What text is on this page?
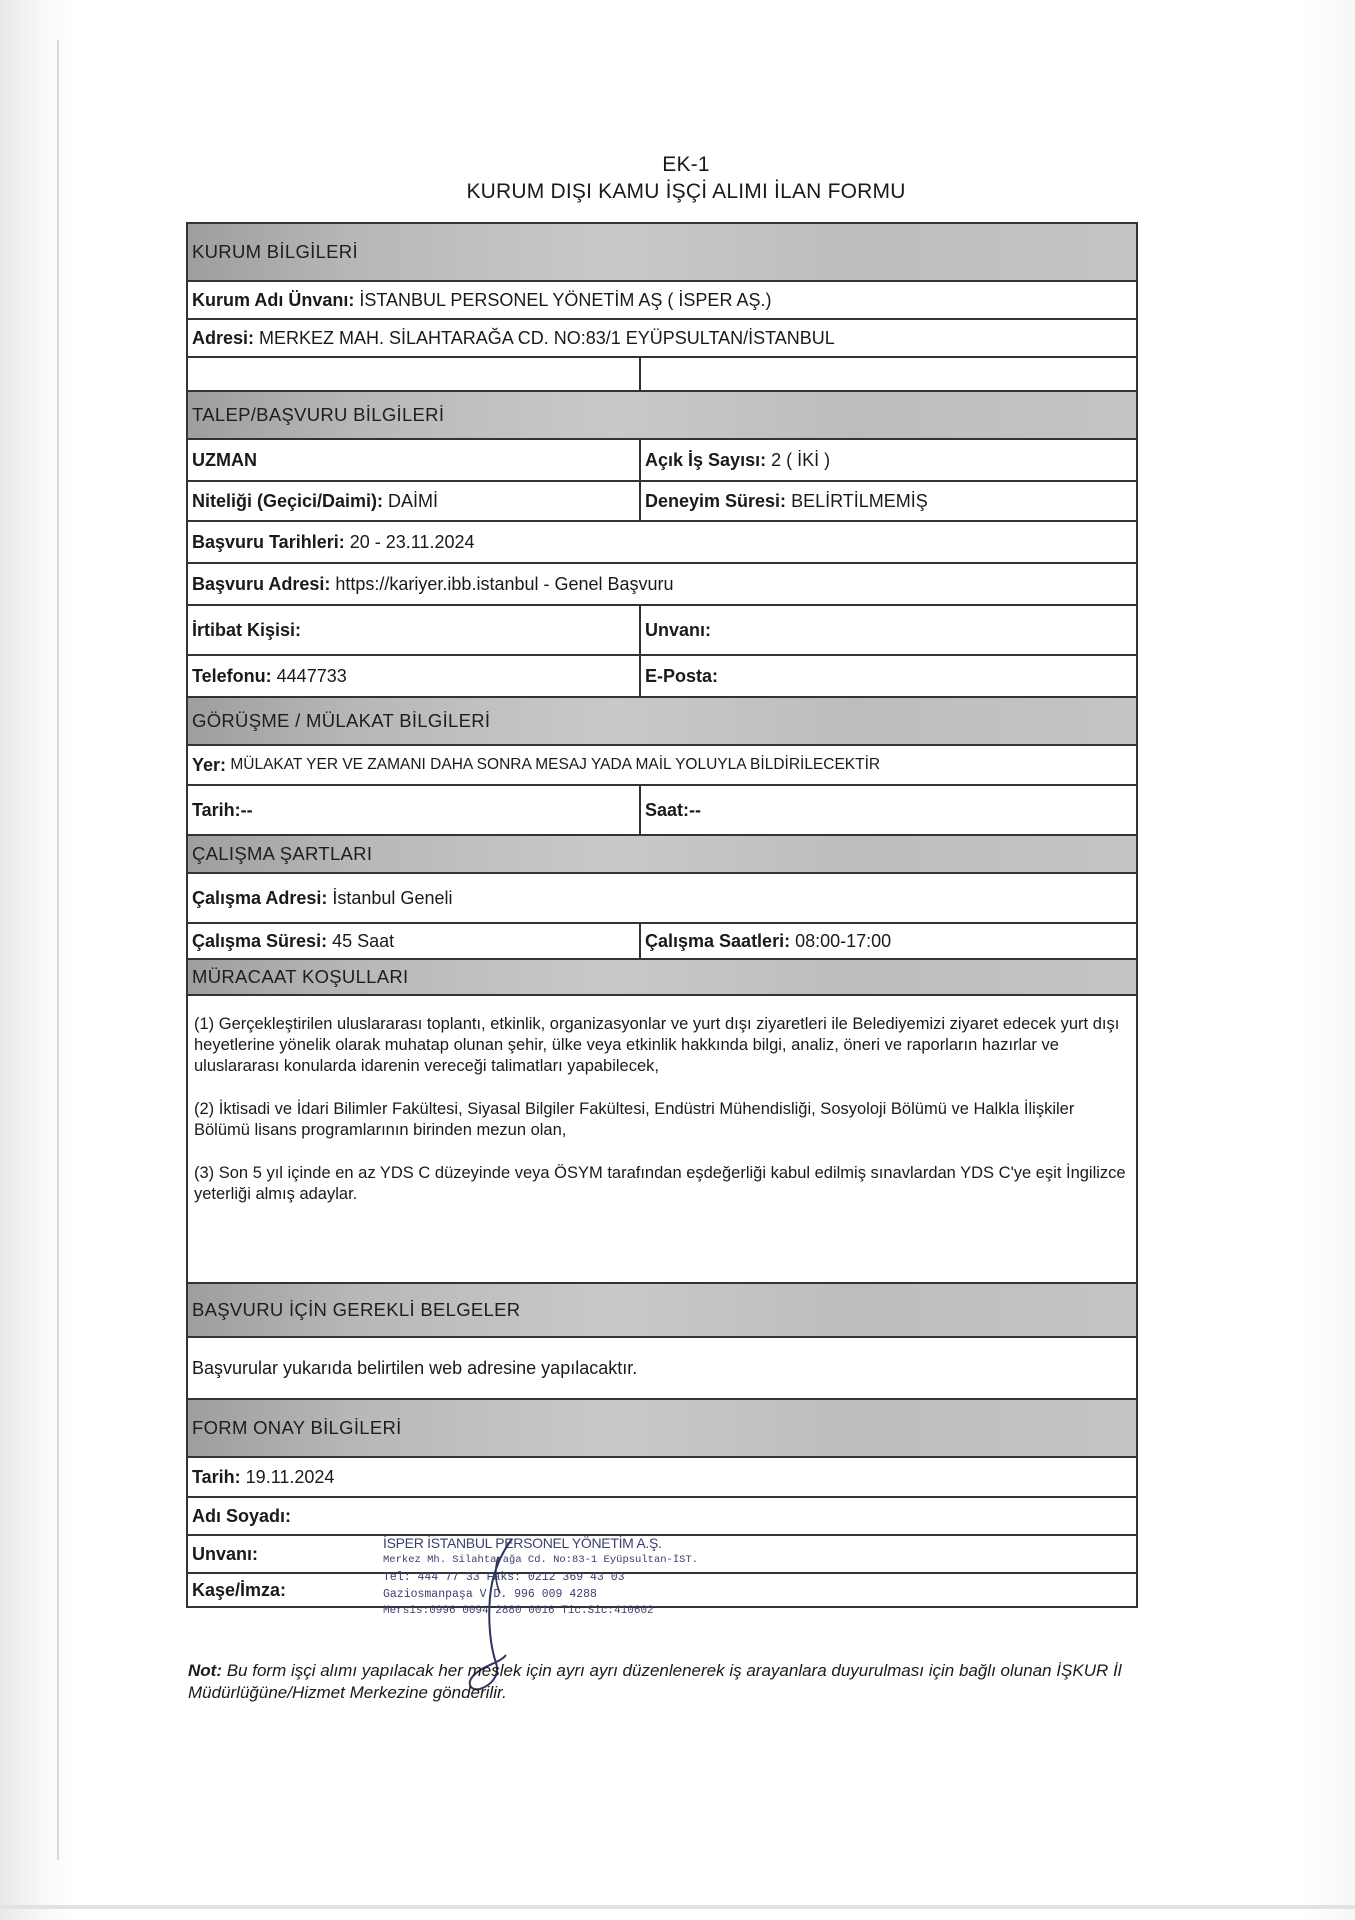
EK-1
KURUM DIŞI KAMU İŞÇİ ALIMI İLAN FORMU
KURUM BİLGİLERİ
Kurum Adı Ünvanı: İSTANBUL PERSONEL YÖNETİM AŞ ( İSPER AŞ.)
Adresi: MERKEZ MAH. SİLAHTARAĞA CD. NO:83/1 EYÜPSULTAN/İSTANBUL
TALEP/BAŞVURU BİLGİLERİ
UZMAN	Açık İş Sayısı: 2 ( İKİ )
Niteliği (Geçici/Daimi): DAİMİ	Deneyim Süresi: BELİRTİLMEMİŞ
Başvuru Tarihleri: 20 - 23.11.2024
Başvuru Adresi: https://kariyer.ibb.istanbul - Genel Başvuru
İrtibat Kişisi:	Unvanı:
Telefonu: 4447733	E-Posta:
GÖRÜŞME / MÜLAKAT BİLGİLERİ
Yer: MÜLAKAT YER VE ZAMANI DAHA SONRA MESAJ YADA MAİL YOLUYLA BİLDİRİLECEKTİR
Tarih:--	Saat:--
ÇALIŞMA ŞARTLARI
Çalışma Adresi: İstanbul Geneli
Çalışma Süresi: 45 Saat	Çalışma Saatleri: 08:00-17:00
MÜRACAAT KOŞULLARI

(1) Gerçekleştirilen uluslararası toplantı, etkinlik, organizasyonlar ve yurt dışı ziyaretleri ile Belediyemizi ziyaret edecek yurt dışı heyetlerine yönelik olarak muhatap olunan şehir, ülke veya etkinlik hakkında bilgi, analiz, öneri ve raporların hazırlar ve uluslararası konularda idarenin vereceği talimatları yapabilecek,

(2) İktisadi ve İdari Bilimler Fakültesi, Siyasal Bilgiler Fakültesi, Endüstri Mühendisliği, Sosyoloji Bölümü ve Halkla İlişkiler Bölümü lisans programlarının birinden mezun olan,

(3) Son 5 yıl içinde en az YDS C düzeyinde veya ÖSYM tarafından eşdeğerliği kabul edilmiş sınavlardan YDS C'ye eşit İngilizce yeterliği almış adaylar.

BAŞVURU İÇİN GEREKLİ BELGELER
Başvurular yukarıda belirtilen web adresine yapılacaktır.
FORM ONAY BİLGİLERİ
Tarih: 19.11.2024
Adı Soyadı:
Unvanı:
Kaşe/İmza:
İSPER İSTANBUL PERSONEL YÖNETİM A.Ş.
Merkez Mh. Silahtarağa Cd. No:83-1 Eyüpsultan-İST.
Tel: 444 77 33 Faks: 0212 369 43 03
Gaziosmanpaşa V.D. 996 009 4288
Mersis:0996 0094 2880 0016 Tic.Sic:410602
Not: Bu form işçi alımı yapılacak her meslek için ayrı ayrı düzenlenerek iş arayanlara duyurulması için bağlı olunan İŞKUR İl Müdürlüğüne/Hizmet Merkezine gönderilir.
